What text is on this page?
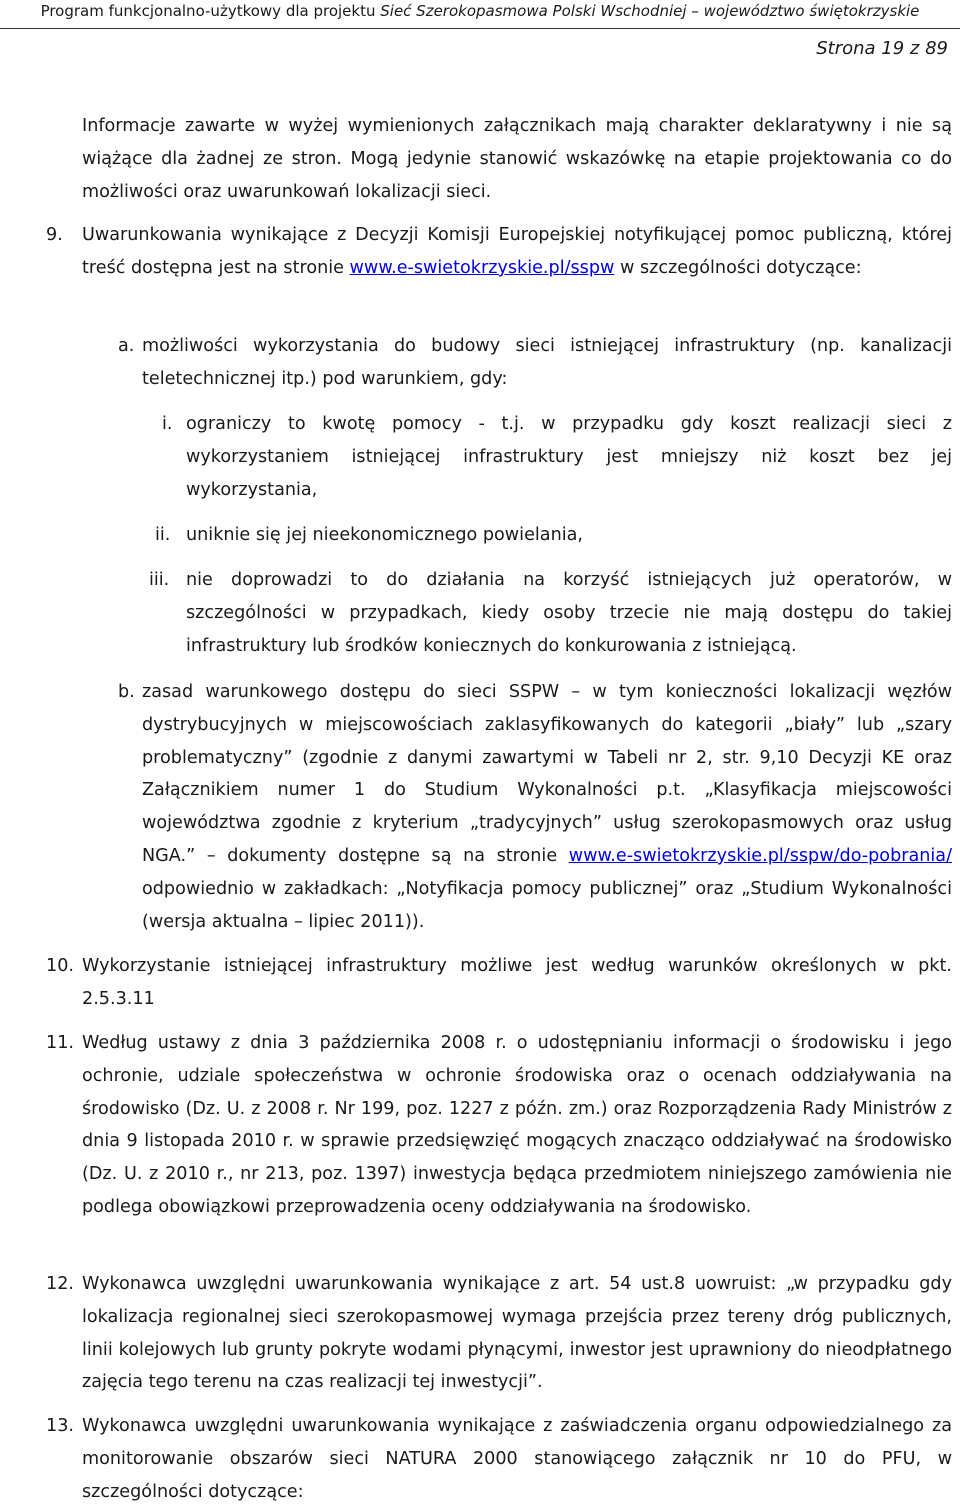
Program funkcjonalno-użytkowy dla projektu Sieć Szerokopasmowa Polski Wschodniej – województwo świętokrzyskie
Strona 19 z 89
Informacje zawarte w wyżej wymienionych załącznikach mają charakter deklaratywny i nie są wiążące dla żadnej ze stron. Mogą jedynie stanowić wskazówkę na etapie projektowania co do możliwości oraz uwarunkowań lokalizacji sieci.
9. Uwarunkowania wynikające z Decyzji Komisji Europejskiej notyfikującej pomoc publiczną, której treść dostępna jest na stronie www.e-swietokrzyskie.pl/sspw w szczególności dotyczące:
a. możliwości wykorzystania do budowy sieci istniejącej infrastruktury (np. kanalizacji teletechnicznej itp.) pod warunkiem, gdy:
i. ograniczy to kwotę pomocy - t.j. w przypadku gdy koszt realizacji sieci z wykorzystaniem istniejącej infrastruktury jest mniejszy niż koszt bez jej wykorzystania,
ii. uniknie się jej nieekonomicznego powielania,
iii. nie doprowadzi to do działania na korzyść istniejących już operatorów, w szczególności w przypadkach, kiedy osoby trzecie nie mają dostępu do takiej infrastruktury lub środków koniecznych do konkurowania z istniejącą.
b. zasad warunkowego dostępu do sieci SSPW – w tym konieczności lokalizacji węzłów dystrybucyjnych w miejscowościach zaklasyfikowanych do kategorii „biały” lub „szary problematyczny” (zgodnie z danymi zawartymi w Tabeli nr 2, str. 9,10 Decyzji KE oraz Załącznikiem numer 1 do Studium Wykonalności p.t. „Klasyfikacja miejscowości województwa zgodnie z kryterium „tradycyjnych” usług szerokopasmowych oraz usług NGA.” – dokumenty dostępne są na stronie www.e-swietokrzyskie.pl/sspw/do-pobrania/ odpowiednio w zakładkach: „Notyfikacja pomocy publicznej” oraz „Studium Wykonalności (wersja aktualna – lipiec 2011)).
10. Wykorzystanie istniejącej infrastruktury możliwe jest według warunków określonych w pkt. 2.5.3.11
11. Według ustawy z dnia 3 października 2008 r. o udostępnianiu informacji o środowisku i jego ochronie, udziale społeczeństwa w ochronie środowiska oraz o ocenach oddziaływania na środowisko (Dz. U. z 2008 r. Nr 199, poz. 1227 z późn. zm.) oraz Rozporządzenia Rady Ministrów z dnia 9 listopada 2010 r. w sprawie przedsięwzięć mogących znacząco oddziaływać na środowisko (Dz. U. z 2010 r., nr 213, poz. 1397) inwestycja będąca przedmiotem niniejszego zamówienia nie podlega obowiązkowi przeprowadzenia oceny oddziaływania na środowisko.
12. Wykonawca uwzględni uwarunkowania wynikające z art. 54 ust.8 uowruist: „w przypadku gdy lokalizacja regionalnej sieci szerokopasmowej wymaga przejścia przez tereny dróg publicznych, linii kolejowych lub grunty pokryte wodami płynącymi, inwestor jest uprawniony do nieodpłatnego zajęcia tego terenu na czas realizacji tej inwestycji”.
13. Wykonawca uwzględni uwarunkowania wynikające z zaświadczenia organu odpowiedzialnego za monitorowanie obszarów sieci NATURA 2000 stanowiącego załącznik nr 10 do PFU, w szczególności dotyczące:
